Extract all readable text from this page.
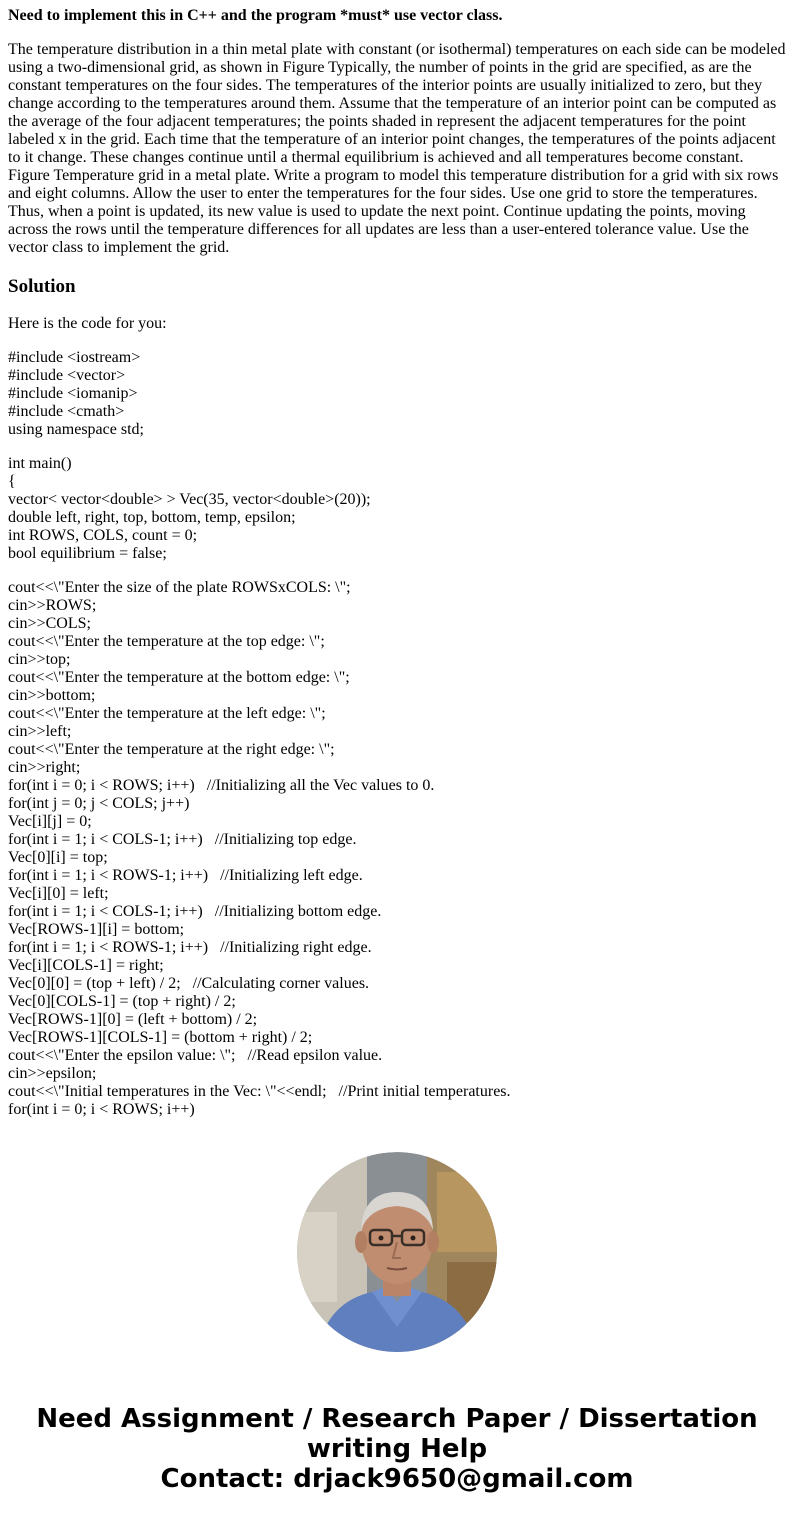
Need to implement this in C++ and the program *must* use vector class.

The temperature distribution in a thin metal plate with constant (or isothermal) temperatures on each side can be modeled using a two-dimensional grid, as shown in Figure Typically, the number of points in the grid are specified, as are the constant temperatures on the four sides. The temperatures of the interior points are usually initialized to zero, but they change according to the temperatures around them. Assume that the temperature of an interior point can be computed as the average of the four adjacent temperatures; the points shaded in represent the adjacent temperatures for the point labeled x in the grid. Each time that the temperature of an interior point changes, the temperatures of the points adjacent to it change. These changes continue until a thermal equilibrium is achieved and all temperatures become constant. Figure Temperature grid in a metal plate. Write a program to model this temperature distribution for a grid with six rows and eight columns. Allow the user to enter the temperatures for the four sides. Use one grid to store the temperatures. Thus, when a point is updated, its new value is used to update the next point. Continue updating the points, moving across the rows until the temperature differences for all updates are less than a user-entered tolerance value. Use the vector class to implement the grid.

Solution

Here is the code for you:

#include <iostream>
#include <vector>
#include <iomanip>
#include <cmath>
using namespace std;
int main()
{
vector< vector<double> > Vec(35, vector<double>(20));
double left, right, top, bottom, temp, epsilon;
int ROWS, COLS, count = 0;
bool equilibrium = false;
cout<<\"Enter the size of the plate ROWSxCOLS: \";
cin>>ROWS;
cin>>COLS;
cout<<\"Enter the temperature at the top edge: \";
cin>>top;
cout<<\"Enter the temperature at the bottom edge: \";
cin>>bottom;
cout<<\"Enter the temperature at the left edge: \";
cin>>left;
cout<<\"Enter the temperature at the right edge: \";
cin>>right;
for(int i = 0; i < ROWS; i++)   //Initializing all the Vec values to 0.
for(int j = 0; j < COLS; j++)
Vec[i][j] = 0;
for(int i = 1; i < COLS-1; i++)   //Initializing top edge.
Vec[0][i] = top;
for(int i = 1; i < ROWS-1; i++)   //Initializing left edge.
Vec[i][0] = left;
for(int i = 1; i < COLS-1; i++)   //Initializing bottom edge.
Vec[ROWS-1][i] = bottom;
for(int i = 1; i < ROWS-1; i++)   //Initializing right edge.
Vec[i][COLS-1] = right;
Vec[0][0] = (top + left) / 2;   //Calculating corner values.
Vec[0][COLS-1] = (top + right) / 2;
Vec[ROWS-1][0] = (left + bottom) / 2;
Vec[ROWS-1][COLS-1] = (bottom + right) / 2;
cout<<\"Enter the epsilon value: \";   //Read epsilon value.
cin>>epsilon;
cout<<\"Initial temperatures in the Vec: \"<<endl;   //Print initial temperatures.
for(int i = 0; i < ROWS; i++)
Need Assignment / Research Paper / Dissertation
writing Help
Contact: drjack9650@gmail.com
